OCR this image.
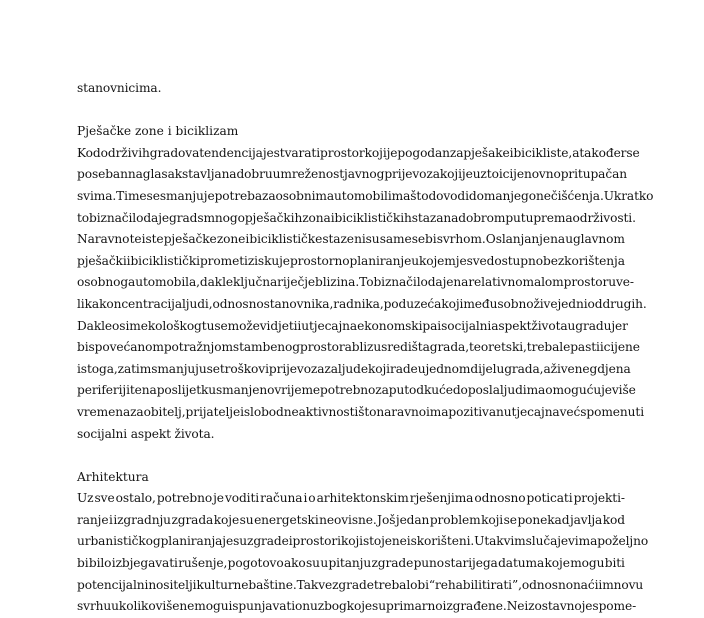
stanovnicima.
Pješačke zone i biciklizam
Kod održivih gradova tendencija je stvarati prostor koji je pogodan za pješake i bicikliste, a također se
poseban naglasak stavlja na dobru umreženost javnog prijevoza koji je uz to i cijenovno pritupačan
svima. Time se smanjuje potreba za osobnim automobilima što dovodi do manjeg onečišćenja. Ukratko
to bi značilo da je grad s mnogo pješačkih zona i biciklističkih staza na dobrom putu prema održivosti.
Naravno te iste pješačke zone i biciklističke staze nisu same sebi svrhom. Oslanjanje na uglavnom
pješački i biciklistički promet iziskuje prostorno planiranje u kojem je sve dostupno bez korištenja
osobnog automobila, dakle ključna riječ je blizina. To bi značilo da je na relativno malom prostoru ve-
lika koncentracija ljudi, odnosno stanovnika, radnika, poduzeća koji međusobno žive jedni od drugih.
Dakle osim ekološkog tu se može vidjeti i utjecaj na ekonomski pa i socijalni aspekt života u gradu jer
bi s povećanom potražnjom stambenog prostora blizu središta grada, teoretski, trebale pasti i cijene
istoga, zatim smanjuju se troškovi prijevoza za ljude koji rade u jednom dijelu grada, a žive negdje na
periferiji te naposlijetku smanjeno vrijeme potrebno za put od kuće do posla ljudima omogućuje više
vremena za obitelj, prijatelje i slobodne aktivnosti što naravno ima pozitivan utjecaj na već spomenuti
socijalni aspekt života.
Arhitektura
Uz sve ostalo, potrebno je voditi računa i o arhitektonskim rješenjima odnosno poticati projekti-
ranje i izgradnju zgrada koje su energetski neovisne. Još jedan problem koji se ponekad javlja kod
urbanističkog planiranja jesu zgrade i prostori koji stoje neiskorišteni. U takvim slučajevima poželjno
bi bilo izbjegavati rušenje, pogotovo ako su u pitanju zgrade puno starijega datuma koje mogu biti
potencijalni nositelji kulturne baštine. Takve zgrade trebalo bi “rehabilitirati”, odnosno naći im novu
svrhu ukoliko više ne mogu ispunjavati onu zbog koje su primarno izgrađene. Neizostavno je spome-
